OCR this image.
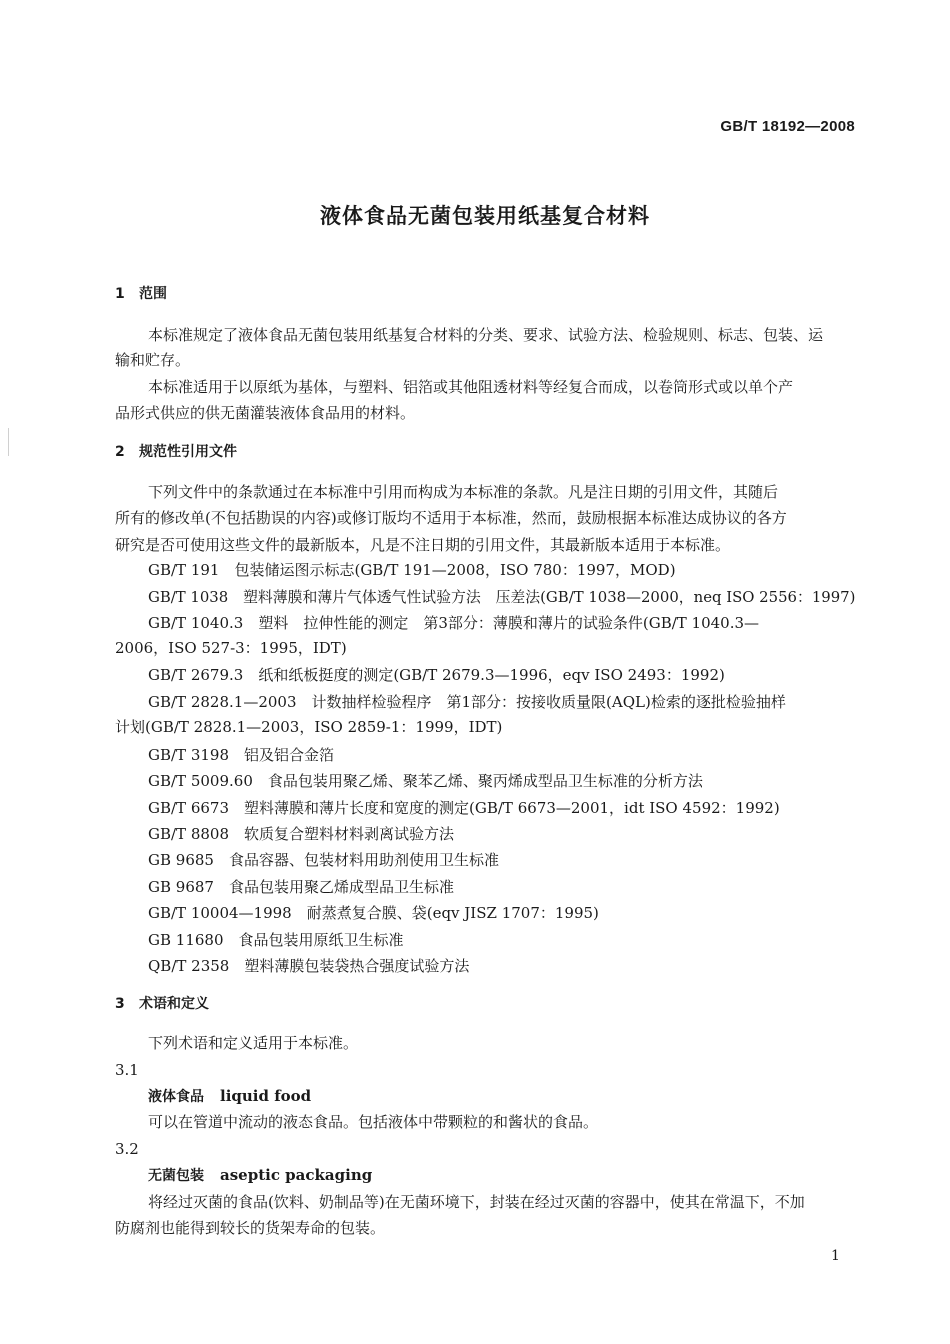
GB/T 18192—2008
液体食品无菌包装用纸基复合材料
1 范围
本标准规定了液体食品无菌包装用纸基复合材料的分类、要求、试验方法、检验规则、标志、包装、运
输和贮存。
本标准适用于以原纸为基体，与塑料、铝箔或其他阻透材料等经复合而成，以卷筒形式或以单个产
品形式供应的供无菌灌装液体食品用的材料。
2 规范性引用文件
下列文件中的条款通过在本标准中引用而构成为本标准的条款。凡是注日期的引用文件，其随后
所有的修改单(不包括勘误的内容)或修订版均不适用于本标准，然而，鼓励根据本标准达成协议的各方
研究是否可使用这些文件的最新版本，凡是不注日期的引用文件，其最新版本适用于本标准。
GB/T 191　包装储运图示标志(GB/T 191—2008，ISO 780：1997，MOD)
GB/T 1038　塑料薄膜和薄片气体透气性试验方法　压差法(GB/T 1038—2000，neq ISO 2556：1997)
GB/T 1040.3　塑料　拉伸性能的测定　第3部分：薄膜和薄片的试验条件(GB/T 1040.3—
2006，ISO 527-3：1995，IDT)
GB/T 2679.3　纸和纸板挺度的测定(GB/T 2679.3—1996，eqv ISO 2493：1992)
GB/T 2828.1—2003　计数抽样检验程序　第1部分：按接收质量限(AQL)检索的逐批检验抽样
计划(GB/T 2828.1—2003，ISO 2859-1：1999，IDT)
GB/T 3198　铝及铝合金箔
GB/T 5009.60　食品包装用聚乙烯、聚苯乙烯、聚丙烯成型品卫生标准的分析方法
GB/T 6673　塑料薄膜和薄片长度和宽度的测定(GB/T 6673—2001，idt ISO 4592：1992)
GB/T 8808　软质复合塑料材料剥离试验方法
GB 9685　食品容器、包装材料用助剂使用卫生标准
GB 9687　食品包装用聚乙烯成型品卫生标准
GB/T 10004—1998　耐蒸煮复合膜、袋(eqv JISZ 1707：1995)
GB 11680　食品包装用原纸卫生标准
QB/T 2358　塑料薄膜包装袋热合强度试验方法
3 术语和定义
下列术语和定义适用于本标准。
3.1
液体食品 liquid food
可以在管道中流动的液态食品。包括液体中带颗粒的和酱状的食品。
3.2
无菌包装 aseptic packaging
将经过灭菌的食品(饮料、奶制品等)在无菌环境下，封装在经过灭菌的容器中，使其在常温下，不加
防腐剂也能得到较长的货架寿命的包装。
1
